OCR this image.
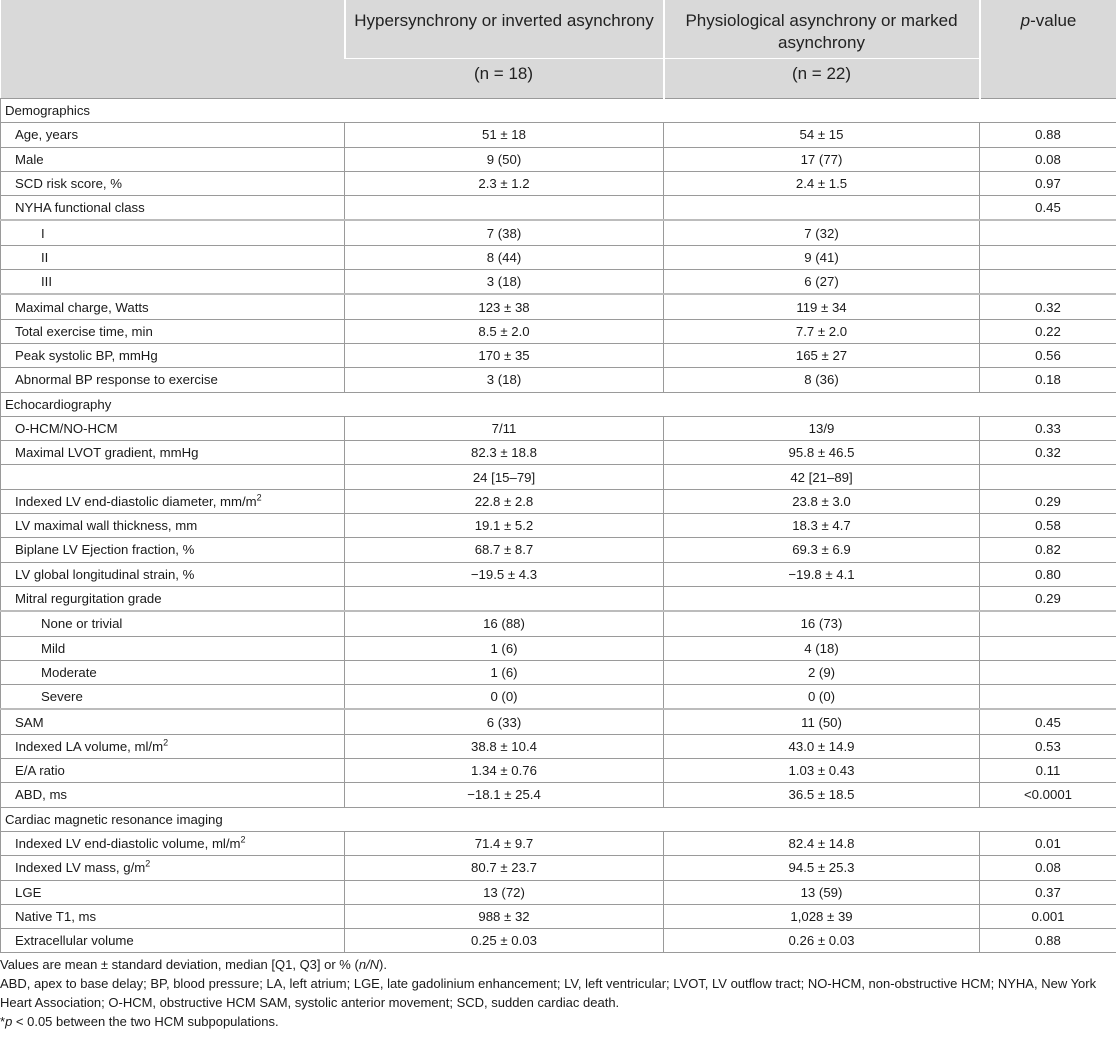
	Hypersynchrony or inverted asynchrony	Physiological asynchrony or marked asynchrony	p-value
	(n = 18)	(n = 22)	
Demographics			
Age, years	51 ± 18	54 ± 15	0.88
Male	9 (50)	17 (77)	0.08
SCD risk score, %	2.3 ± 1.2	2.4 ± 1.5	0.97
NYHA functional class			0.45
I	7 (38)	7 (32)	
II	8 (44)	9 (41)	
III	3 (18)	6 (27)	
Maximal charge, Watts	123 ± 38	119 ± 34	0.32
Total exercise time, min	8.5 ± 2.0	7.7 ± 2.0	0.22
Peak systolic BP, mmHg	170 ± 35	165 ± 27	0.56
Abnormal BP response to exercise	3 (18)	8 (36)	0.18
Echocardiography			
O-HCM/NO-HCM	7/11	13/9	0.33
Maximal LVOT gradient, mmHg	82.3 ± 18.8	95.8 ± 46.5	0.32
	24 [15–79]	42 [21–89]	
Indexed LV end-diastolic diameter, $mm/m^2$	22.8 ± 2.8	23.8 ± 3.0	0.29
LV maximal wall thickness, mm	19.1 ± 5.2	18.3 ± 4.7	0.58
Biplane LV Ejection fraction, %	68.7 ± 8.7	69.3 ± 6.9	0.82
LV global longitudinal strain, %	−19.5 ± 4.3	−19.8 ± 4.1	0.80
Mitral regurgitation grade			0.29
None or trivial	16 (88)	16 (73)	
Mild	1 (6)	4 (18)	
Moderate	1 (6)	2 (9)	
Severe	0 (0)	0 (0)	
SAM	6 (33)	11 (50)	0.45
Indexed LA volume, $ml/m^2$	38.8 ± 10.4	43.0 ± 14.9	0.53
E/A ratio	1.34 ± 0.76	1.03 ± 0.43	0.11
ABD, ms	−18.1 ± 25.4	36.5 ± 18.5	<0.0001
Cardiac magnetic resonance imaging			
Indexed LV end-diastolic volume, $ml/m^2$	71.4 ± 9.7	82.4 ± 14.8	0.01
Indexed LV mass, $g/m^2$	80.7 ± 23.7	94.5 ± 25.3	0.08
LGE	13 (72)	13 (59)	0.37
Native T1, ms	988 ± 32	1,028 ± 39	0.001
Extracellular volume	0.25 ± 0.03	0.26 ± 0.03	0.88
Values are mean ± standard deviation, median [Q1, Q3] or % (n/N).
ABD, apex to base delay; BP, blood pressure; LA, left atrium; LGE, late gadolinium enhancement; LV, left ventricular; LVOT, LV outflow tract; NO-HCM, non-obstructive HCM; NYHA, New York Heart Association; O-HCM, obstructive HCM SAM, systolic anterior movement; SCD, sudden cardiac death.
*p < 0.05 between the two HCM subpopulations.
